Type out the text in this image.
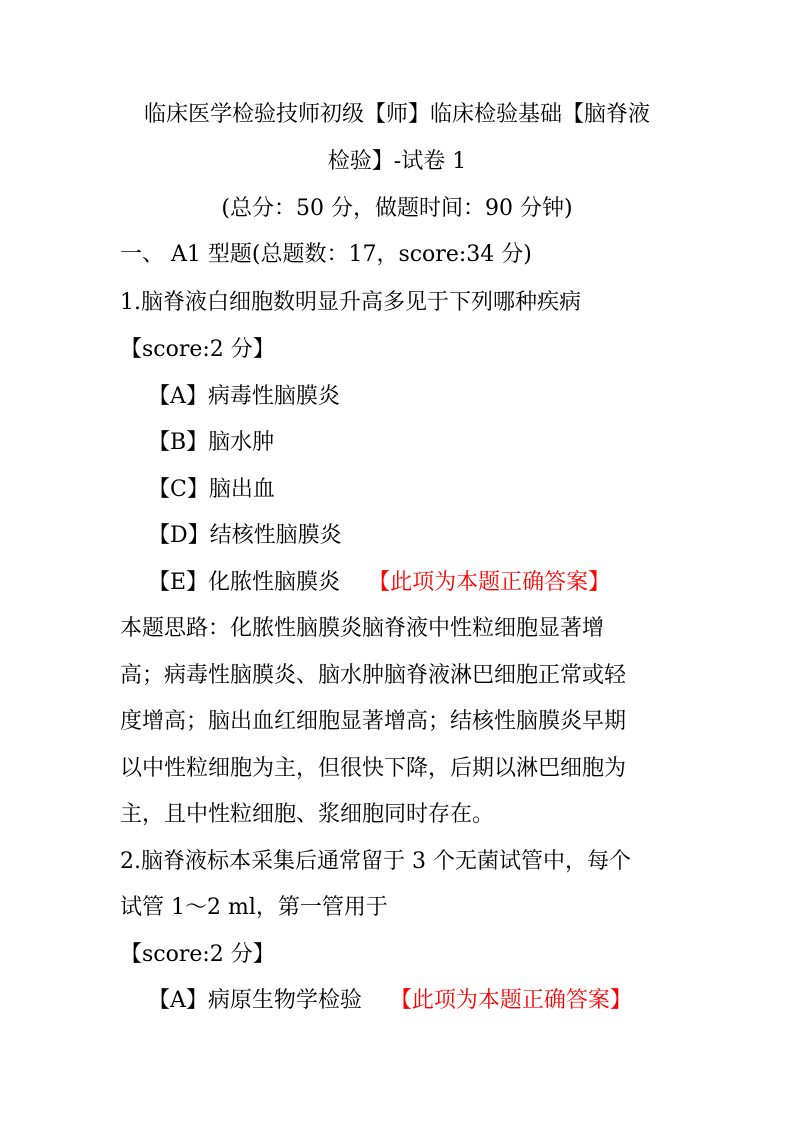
临床医学检验技师初级【师】临床检验基础【脑脊液
检验】-试卷 1
(总分：50 分，做题时间：90 分钟)
一、 A1 型题(总题数：17，score:34 分)
1.脑脊液白细胞数明显升高多见于下列哪种疾病
【score:2 分】
【A】病毒性脑膜炎
【B】脑水肿
【C】脑出血
【D】结核性脑膜炎
【E】化脓性脑膜炎 【此项为本题正确答案】
本题思路：化脓性脑膜炎脑脊液中性粒细胞显著增
高；病毒性脑膜炎、脑水肿脑脊液淋巴细胞正常或轻
度增高；脑出血红细胞显著增高；结核性脑膜炎早期
以中性粒细胞为主，但很快下降，后期以淋巴细胞为
主，且中性粒细胞、浆细胞同时存在。
2.脑脊液标本采集后通常留于 3 个无菌试管中，每个
试管 1～2 ml，第一管用于
【score:2 分】
【A】病原生物学检验 【此项为本题正确答案】
